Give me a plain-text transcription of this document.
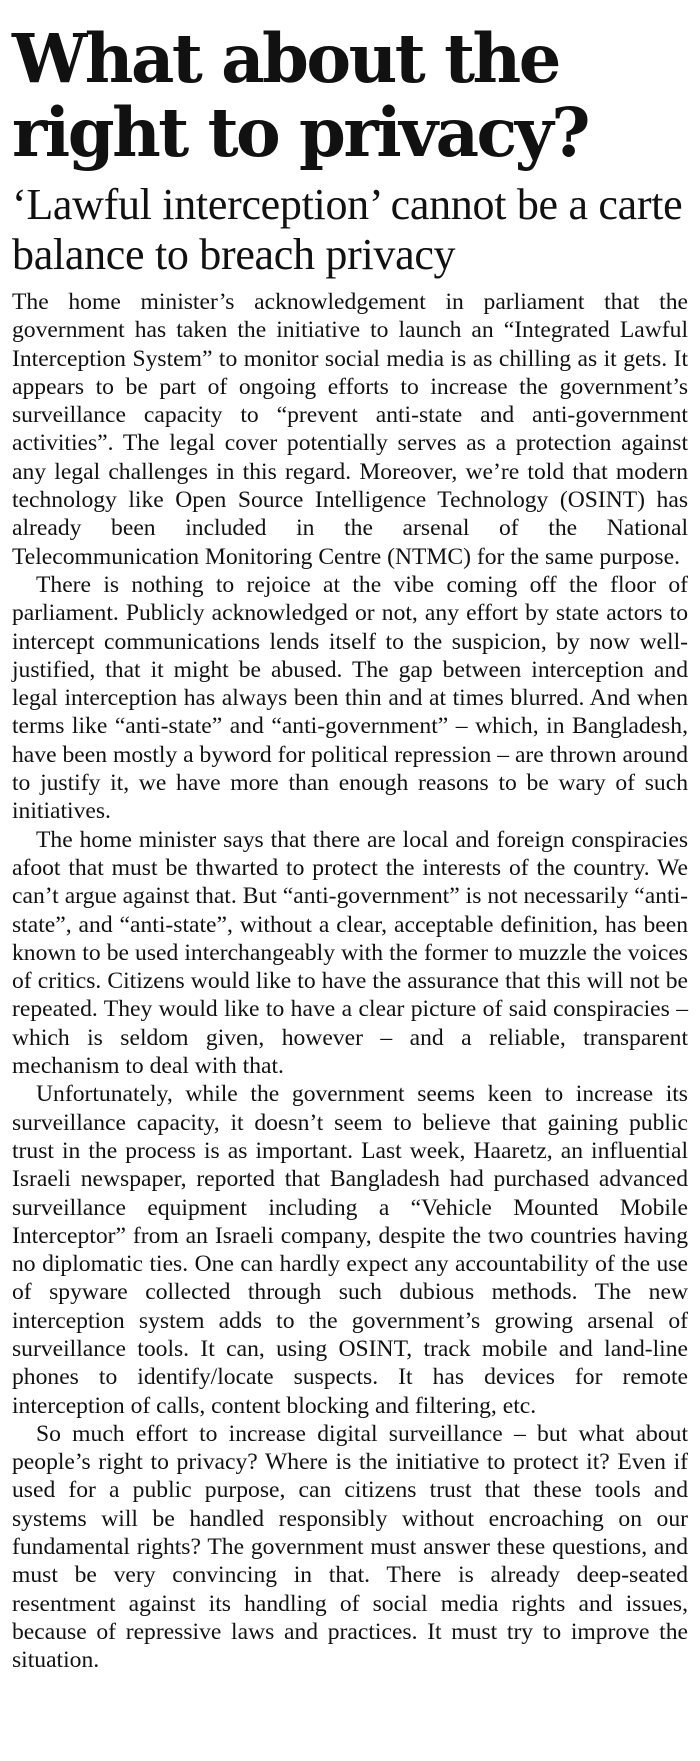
What about the right to privacy?
‘Lawful interception’ cannot be a carte balance to breach privacy

The home minister’s acknowledgement in parliament that the government has taken the initiative to launch an “Integrated Lawful Interception System” to monitor social media is as chilling as it gets. It appears to be part of ongoing efforts to increase the government’s surveillance capacity to “prevent anti-state and anti-government activities”. The legal cover potentially serves as a protection against any legal challenges in this regard. Moreover, we’re told that modern technology like Open Source Intelligence Technology (OSINT) has already been included in the arsenal of the National Telecommunication Monitoring Centre (NTMC) for the same purpose.

There is nothing to rejoice at the vibe coming off the floor of parliament. Publicly acknowledged or not, any effort by state actors to intercept communications lends itself to the suspicion, by now well-justified, that it might be abused. The gap between interception and legal interception has always been thin and at times blurred. And when terms like “anti-state” and “anti-government” – which, in Bangladesh, have been mostly a byword for political repression – are thrown around to justify it, we have more than enough reasons to be wary of such initiatives.

The home minister says that there are local and foreign conspiracies afoot that must be thwarted to protect the interests of the country. We can’t argue against that. But “anti-government” is not necessarily “anti-state”, and “anti-state”, without a clear, acceptable definition, has been known to be used interchangeably with the former to muzzle the voices of critics. Citizens would like to have the assurance that this will not be repeated. They would like to have a clear picture of said conspiracies – which is seldom given, however – and a reliable, transparent mechanism to deal with that.

Unfortunately, while the government seems keen to increase its surveillance capacity, it doesn’t seem to believe that gaining public trust in the process is as important. Last week, Haaretz, an influential Israeli newspaper, reported that Bangladesh had purchased advanced surveillance equipment including a “Vehicle Mounted Mobile Interceptor” from an Israeli company, despite the two countries having no diplomatic ties. One can hardly expect any accountability of the use of spyware collected through such dubious methods. The new interception system adds to the government’s growing arsenal of surveillance tools. It can, using OSINT, track mobile and land-line phones to identify/locate suspects. It has devices for remote interception of calls, content blocking and filtering, etc.

So much effort to increase digital surveillance – but what about people’s right to privacy? Where is the initiative to protect it? Even if used for a public purpose, can citizens trust that these tools and systems will be handled responsibly without encroaching on our fundamental rights? The government must answer these questions, and must be very convincing in that. There is already deep-seated resentment against its handling of social media rights and issues, because of repressive laws and practices. It must try to improve the situation.
